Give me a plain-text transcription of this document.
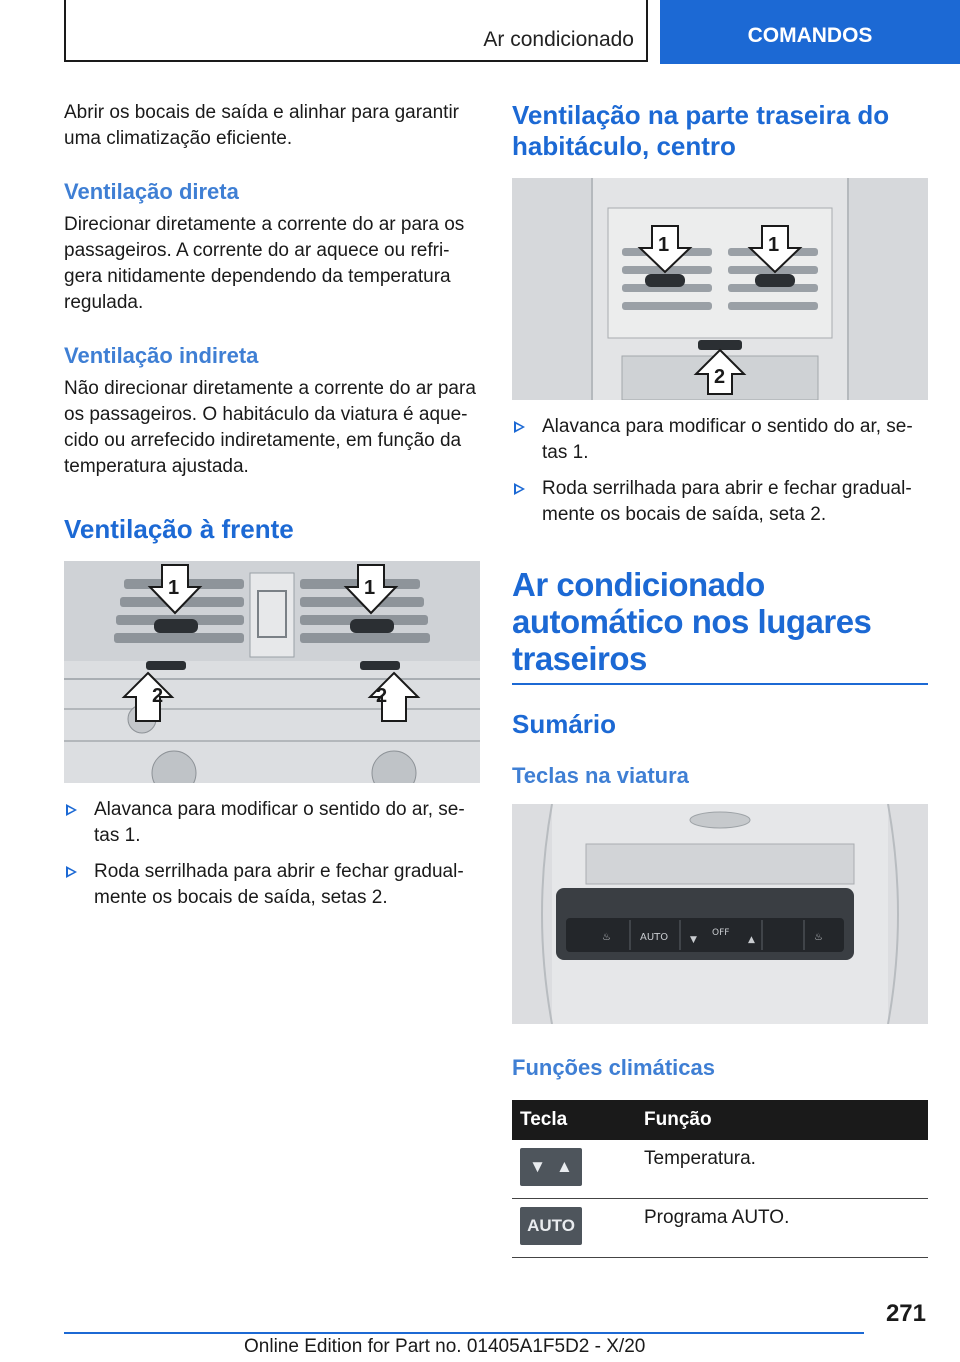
Ar condicionado	COMANDOS

Abrir os bocais de saída e alinhar para garantir uma climatização eficiente.

Ventilação direta

Direcionar diretamente a corrente do ar para os passageiros. A corrente do ar aquece ou refri-gera nitidamente dependendo da temperatura regulada.

Ventilação indireta

Não direcionar diretamente a corrente do ar para os passageiros. O habitáculo da viatura é aque-cido ou arrefecido indiretamente, em função da temperatura ajustada.

Ventilação à frente
1	1
2	2
Alavanca para modificar o sentido do ar, se-tas 1.
Roda serrilhada para abrir e fechar gradual-mente os bocais de saída, setas 2.
Ventilação na parte traseira do habitáculo, centro
1	1
2
Alavanca para modificar o sentido do ar, se-tas 1.
Roda serrilhada para abrir e fechar gradual-mente os bocais de saída, seta 2.
Ar condicionado automático nos lugares traseiros
Sumário
Teclas na viatura
♨	▼	▲	♨
AUTO	OFF
Funções climáticas
Tecla	Função

▼ ▲	Temperatura.

AUTO	Programa AUTO.
271
Online Edition for Part no. 01405A1F5D2 - X/20
